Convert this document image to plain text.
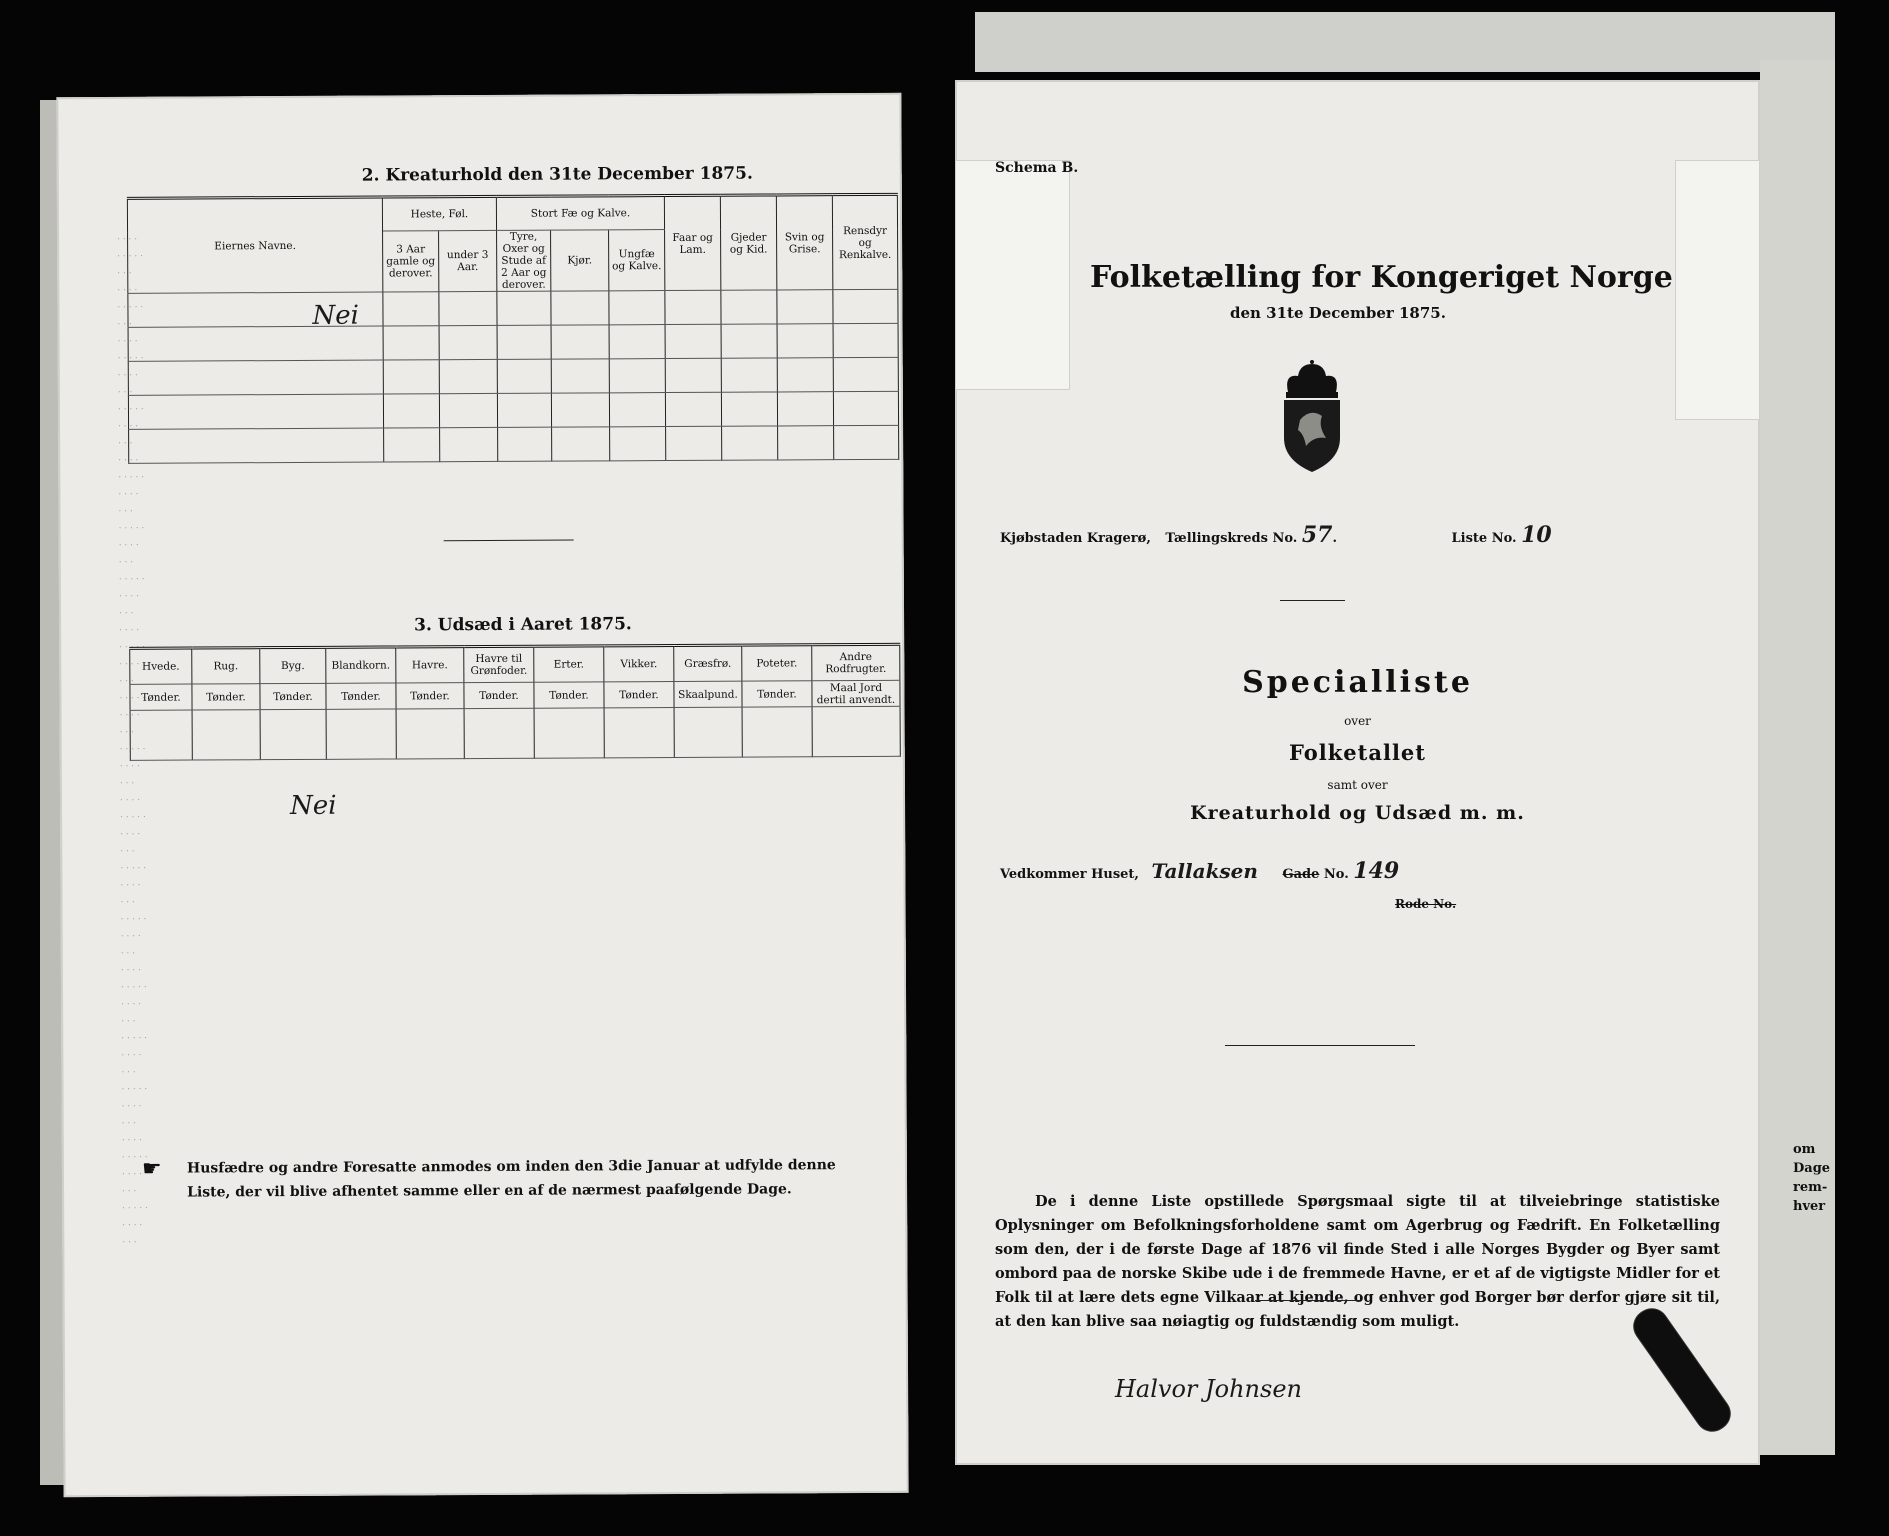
· · · ·
· · · · ·
· · ·
· · · ·
· · · · ·
· · ·
· · · ·
· · · · ·
· · · ·
· · ·
· · · · ·
· · · ·
· · ·
· · · ·
· · · · ·
· · · ·
· · ·
· · · · ·
· · · ·
· · ·
· · · · ·
· · · ·
· · ·
· · · ·
· · · · ·
· · · ·
· · ·
· · · · ·
· · · ·
· · ·
· · · · ·
· · · ·
· · ·
· · · ·
· · · · ·
· · · ·
· · ·
· · · · ·
· · · ·
· · ·
· · · · ·
· · · ·
· · ·
· · · ·
· · · · ·
· · · ·
· · ·
· · · · ·
· · · ·
· · ·
· · · · ·
· · · ·
· · ·
· · · ·
· · · · ·
· · · ·
· · ·
· · · · ·
· · · ·
· · ·
2. Kreaturhold den 31te December 1875.
Eiernes Navne.	Heste, Føl.		Stort Fæ og Kalve.			Faar og Lam.	Gjeder og Kid.	Svin og Grise.	Rensdyr og Renkalve.
	3 Aar gamle og derover.	under 3 Aar.	Tyre, Oxer og Stude af 2 Aar og derover.	Kjør.	Ungfæ og Kalve.				

Nei
3. Udsæd i Aaret 1875.
Hvede.	Rug.	Byg.	Blandkorn.	Havre.	Havre til Grønfoder.	Erter.	Vikker.	Græsfrø.	Poteter.	Andre Rodfrugter.
Tønder.	Tønder.	Tønder.	Tønder.	Tønder.	Tønder.	Tønder.	Tønder.	Skaalpund.	Tønder.	Maal Jord dertil anvendt.

Nei
☛ Husfædre og andre Foresatte anmodes om inden den 3die Januar at udfylde denne Liste, der vil blive afhentet samme eller en af de nærmest paafølgende Dage.
Schema B.
Folketælling for Kongeriget Norge
den 31te December 1875.
Kjøbstaden Kragerø, Tællingskreds No. 57.	Liste No. 10
Specialliste
over
Folketallet
samt over
Kreaturhold og Udsæd m. m.
Vedkommer Huset, Tallaksen Gade No. 149
Rode No.
De i denne Liste opstillede Spørgsmaal sigte til at tilveiebringe statistiske Oplysninger om Befolkningsforholdene samt om Agerbrug og Fædrift. En Folketælling som den, der i de første Dage af 1876 vil finde Sted i alle Norges Bygder og Byer samt ombord paa de norske Skibe ude i de fremmede Havne, er et af de vigtigste Midler for et Folk til at lære dets egne Vilkaar at kjende, og enhver god Borger bør derfor gjøre sit til, at den kan blive saa nøiagtig og fuldstændig som muligt.
Halvor Johnsen
om
Dage
rem-
hver
